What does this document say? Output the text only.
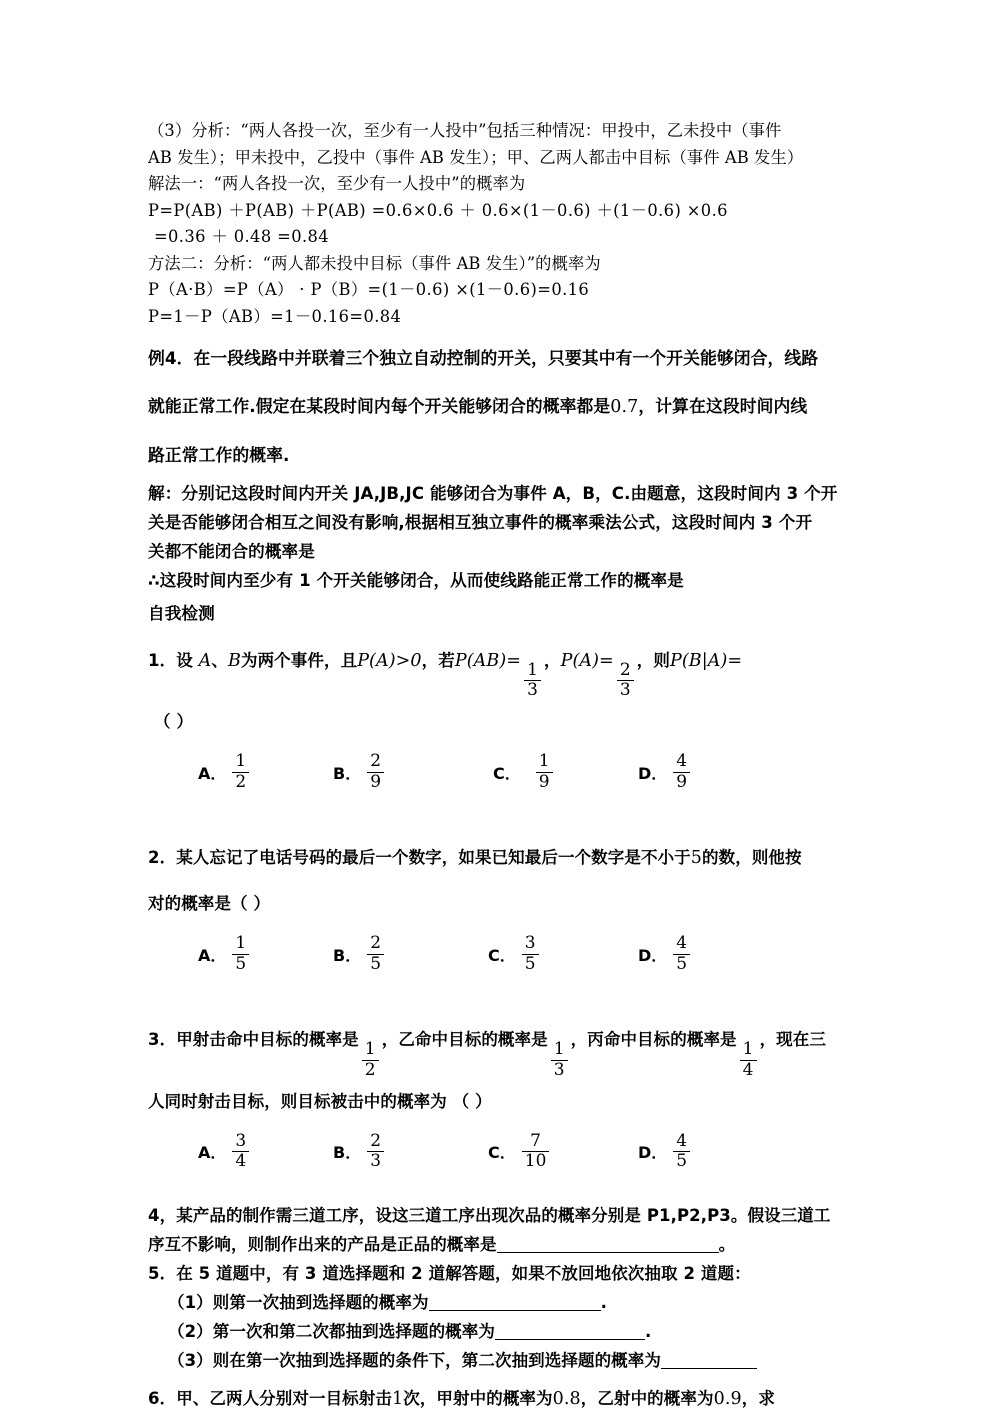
（3）分析：“两人各投一次，至少有一人投中”包括三种情况：甲投中，乙未投中（事件
AB 发生）；甲未投中，乙投中（事件 AB 发生）；甲、乙两人都击中目标（事件 AB 发生）
解法一：“两人各投一次，至少有一人投中”的概率为
P=P(AB) ＋P(AB) ＋P(AB) =0.6×0.6 ＋ 0.6×(1－0.6) ＋(1－0.6) ×0.6
=0.36 ＋ 0.48 =0.84
方法二：分析：“两人都未投中目标（事件 AB 发生）”的概率为
P（A·B）=P（A） · P（B）=(1－0.6) ×(1－0.6)=0.16
P=1－P（AB）=1－0.16=0.84
例4．在一段线路中并联着三个独立自动控制的开关，只要其中有一个开关能够闭合，线路
就能正常工作.假定在某段时间内每个开关能够闭合的概率都是0.7，计算在这段时间内线
路正常工作的概率.
解：分别记这段时间内开关 JA,JB,JC 能够闭合为事件 A，B，C.由题意，这段时间内 3 个开
关是否能够闭合相互之间没有影响,根据相互独立事件的概率乘法公式，这段时间内 3 个开
关都不能闭合的概率是
∴这段时间内至少有 1 个开关能够闭合，从而使线路能正常工作的概率是
自我检测
1．设 A、B为两个事件，且P(A)>0，若P(AB)=
$\frac{1}{3}$
，P(A)=
$\frac{2}{3}$
，则P(B|A)=
（ ）
A． $\frac{1}{2}$	B． $\frac{2}{9}$	C． $\frac{1}{9}$	D． $\frac{4}{9}$
2．某人忘记了电话号码的最后一个数字，如果已知最后一个数字是不小于5的数，则他按
对的概率是（ ）
A． $\frac{1}{5}$	B． $\frac{2}{5}$	C． $\frac{3}{5}$	D． $\frac{4}{5}$
3．甲射击命中目标的概率是
$\frac{1}{2}$
，乙命中目标的概率是
$\frac{1}{3}$
，丙命中目标的概率是
$\frac{1}{4}$
，现在三
人同时射击目标，则目标被击中的概率为 （ ）
A． $\frac{3}{4}$	B． $\frac{2}{3}$	C． $\frac{7}{10}$	D． $\frac{4}{5}$
4，某产品的制作需三道工序，设这三道工序出现次品的概率分别是 P1,P2,P3。假设三道工
序互不影响，则制作出来的产品是正品的概率是	。
5．在 5 道题中，有 3 道选择题和 2 道解答题，如果不放回地依次抽取 2 道题：
（1）则第一次抽到选择题的概率为	.
（2）第一次和第二次都抽到选择题的概率为	.
（3）则在第一次抽到选择题的条件下，第二次抽到选择题的概率为
6．甲、乙两人分别对一目标射击1次，甲射中的概率为0.8，乙射中的概率为0.9，求
